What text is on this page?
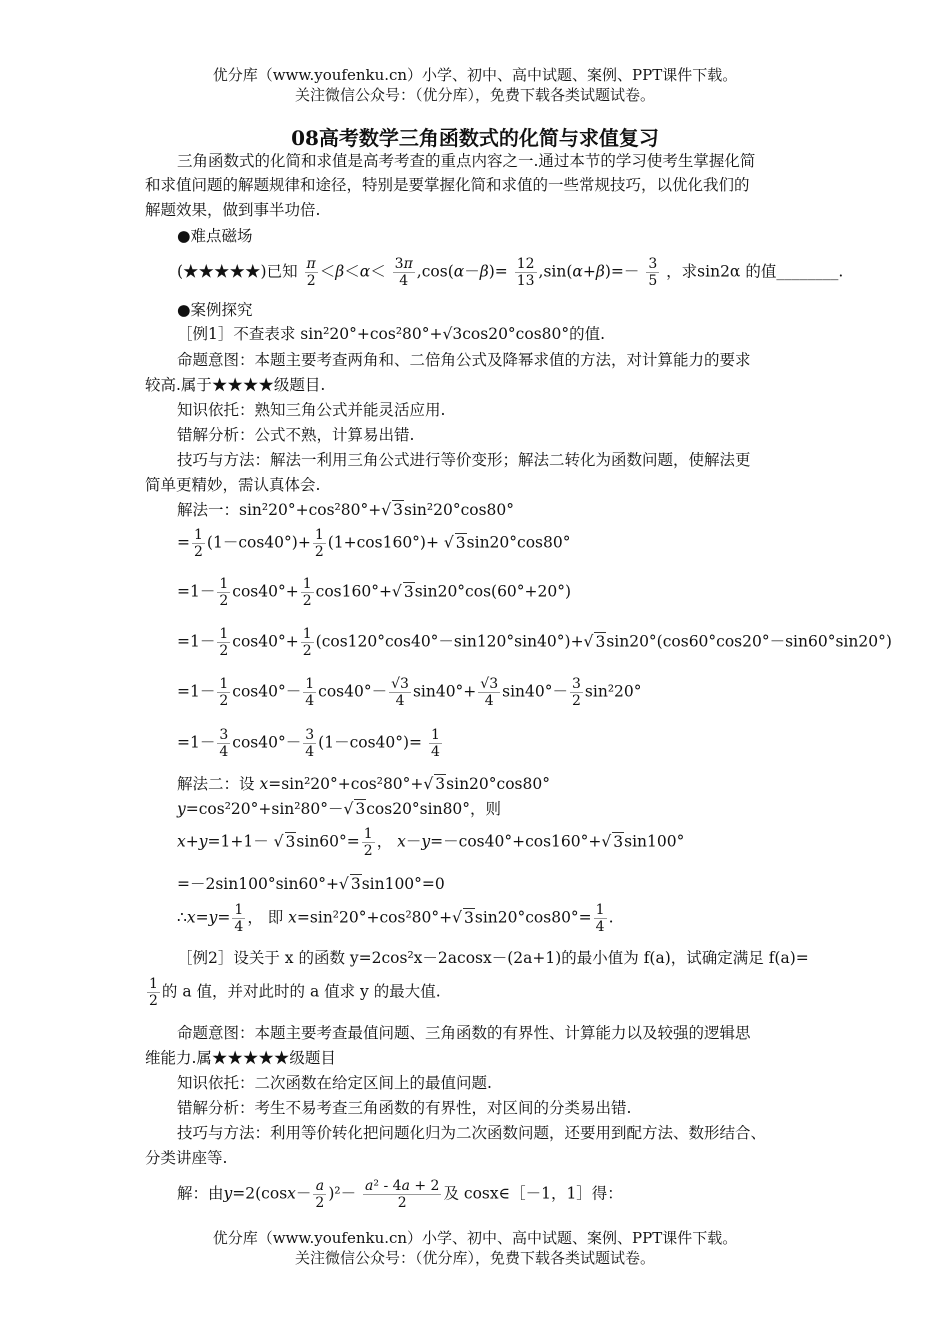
优分库（www.youfenku.cn）小学、初中、高中试题、案例、PPT课件下载。
关注微信公众号：（优分库），免费下载各类试题试卷。
08高考数学三角函数式的化简与求值复习
三角函数式的化简和求值是高考考查的重点内容之一.通过本节的学习使考生掌握化简
和求值问题的解题规律和途径，特别是要掌握化简和求值的一些常规技巧，以优化我们的
解题效果，做到事半功倍.
●难点磁场
(★★★★★)已知 $\frac{\pi}{2} <\beta<\alpha< \frac{3\pi}{4} ,\cos(\alpha-\beta)= \frac{12}{13} ,\sin(\alpha+\beta)=- \frac{3}{5}$ ，求sin2α 的值________.
●案例探究
［例1］不查表求 sin²20°+cos²80°+√3cos20°cos80°的值.
命题意图：本题主要考查两角和、二倍角公式及降幂求值的方法，对计算能力的要求
较高.属于★★★★级题目.
知识依托：熟知三角公式并能灵活应用.
错解分析：公式不熟，计算易出错.
技巧与方法：解法一利用三角公式进行等价变形；解法二转化为函数问题，使解法更
简单更精妙，需认真体会.
解法一：sin²20°+cos²80°+√ 3sin²20°cos80°
= $\frac{1}{2} (1-\cos 40^\circ)+ \frac{1}{2} (1+\cos 160^\circ)+$ √ 3sin20°cos80°
$=1- \frac{1}{2} \cos 40^\circ+ \frac{1}{2} \cos 160^\circ+√$ 3sin20°cos(60°+20°)
$=1- \frac{1}{2} \cos 40^\circ+ \frac{1}{2} (\cos 120^\circ\cos 40^\circ-\sin 120^\circ\sin 40^\circ)+√$ 3sin20°(cos60°cos20°－sin60°sin20°)
$=1- \frac{1}{2} \cos 40^\circ- \frac{1}{4} \cos 40^\circ- \frac{√3}{4} \sin 40^\circ+ \frac{√3}{4} \sin 40^\circ- \frac{3}{2} \sin^220^\circ$
$=1- \frac{3}{4} \cos 40^\circ- \frac{3}{4} (1-\cos 40^\circ)= \frac{1}{4}$
解法二：设 x=sin²20°+cos²80°+√ 3sin20°cos80°
y=cos²20°+sin²80°－√ 3cos20°sin80°，则
x+y=1+1－ √ $3\sin 60^\circ= \frac{1}{2}$ ， x－y=－cos40°+cos160°+√ 3sin100°
=－2sin100°sin60°+√ 3sin100°=0
∴x=y= $\frac{1}{4}$ ， 即 x=sin²20°+cos²80°+√ $3\sin 20^\circ\cos 80^\circ= \frac{1}{4}$ .
［例2］设关于 x 的函数 y=2cos²x－2acosx－(2a+1)的最小值为 f(a)，试确定满足 f(a)=
$\frac{1}{2}$ 的 a 值，并对此时的 a 值求 y 的最大值.
命题意图：本题主要考查最值问题、三角函数的有界性、计算能力以及较强的逻辑思
维能力.属★★★★★级题目
知识依托：二次函数在给定区间上的最值问题.
错解分析：考生不易考查三角函数的有界性，对区间的分类易出错.
技巧与方法：利用等价转化把问题化归为二次函数问题，还要用到配方法、数形结合、
分类讲座等.
解：由$y=2(\cos x- \frac{a}{2} )^2- \frac{\text{a² - 4a + 2}}{2}$ 及 cosx∈［－1，1］得：
优分库（www.youfenku.cn）小学、初中、高中试题、案例、PPT课件下载。
关注微信公众号：（优分库），免费下载各类试题试卷。
